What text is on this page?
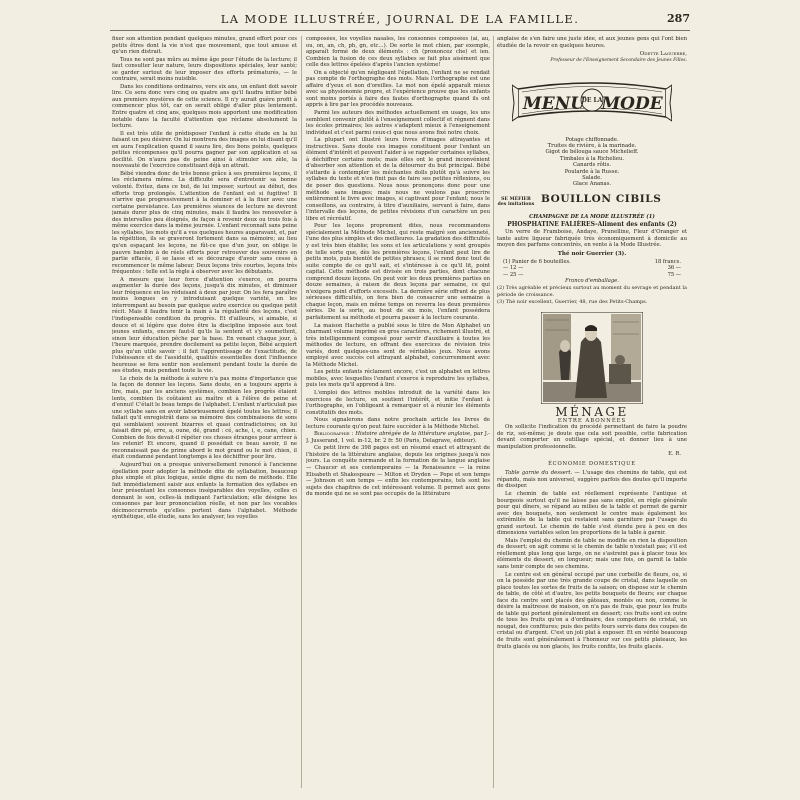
LA MODE ILLUSTRÉE, JOURNAL DE LA FAMILLE.	287

fixer son attention pendant quelques minutes, grand effort pour ces petits êtres dont la vie n'est que mouvement, que tout amuse et qu'un rien distrait.

Tous ne sont pas mûrs au même âge pour l'étude de la lecture; il faut consulter leur nature, leurs dispositions spéciales, leur santé; se garder surtout de leur imposer des efforts prématurés, — le contraire, serait moins nuisible.

Dans les conditions ordinaires, vers six ans, un enfant doit savoir lire. Ce sera donc vers cinq ou quatre ans qu'il faudra initier bébé aux premiers mystères de cette science. Il n'y aurait guère profit à commencer plus tôt, car on serait obligé d'aller plus lentement. Entre quatre et cinq ans, quelques mois apportent une modification notable dans la faculté d'attention que réclame absolument la lecture.

Il est très utile de prédisposer l'enfant à cette étude en la lui faisant un peu désirer. On lui montrera des images en lui disant qu'il en aura l'explication quand il saura lire, des bons points, quelques petites récompenses qu'il pourra gagner par son application et sa docilité. On n'aura pas de peine ainsi à stimuler son zèle, la nouveauté de l'exercice constituant déjà un attrait.

Bébé viendra donc de très bonne grâce à ses premières leçons, il les réclamera même. La difficulté sera d'entretenir sa bonne volonté. Évitez, dans ce but, de lui imposer, surtout au début, des efforts trop prolongés. L'attention de l'enfant est si fugitive! Il n'arrive que progressivement à la dominer et à la fixer avec une certaine persistance. Les premières séances de lecture ne devront jamais durer plus de cinq minutes, mais il faudra les renouveler à des intervalles peu éloignés, de façon à revenir deux ou trois fois à même exercice dans la même journée. L'enfant reconnaît sans peine les syllabes, les mots qu'il a vus quelques heures auparavant, et, par la répétition, ils se graveront fortement dans sa mémoire; au lieu qu'en espaçant les leçons, ne fût-ce que d'un jour, on oblige le pauvre bambin à de réels efforts pour retrouver des souvenirs en partie effacés, il se lasse et se décourage d'avoir sans cesse à recommencer le même labeur. Deux leçons très courtes, leçons très fréquentes : telle est la règle à observer avec les débutants.

A mesure que leur force d'attention s'exerce, on pourra augmenter la durée des leçons, jusqu'à dix minutes, et diminuer leur fréquence en les réduisant à deux par jour. On les fera paraître moins longues en y introduisant quelque variété, en les interrompant au besoin par quelque autre exercice ou quelque petit récit. Mais il faudra tenir la main à la régularité des leçons, c'est l'indispensable condition du progrès. Et d'ailleurs, si aimable, si douce et si légère que doive être la discipline imposée aux tout jeunes enfants, encore faut-il qu'ils la sentent et s'y soumettent, sinon leur éducation pêche par la base. En venant chaque jour, à l'heure marquée, prendre docilement sa petite leçon, Bébé acquiert plus qu'un utile savoir : il fait l'apprentissage de l'exactitude, de l'obéissance et de l'assiduité, qualités essentielles dont l'influence heureuse se fera sentir non seulement pendant toute la durée de ses études, mais pendant toute la vie.

Le choix de la méthode à suivre n'a pas moins d'importance que la façon de donner les leçons. Sans doute, en a toujours appris à lire, mais, par les anciens systèmes, combien les progrès étaient lents, combien ils coûtaient au maître et à l'élève de peine et d'ennui! C'était le beau temps de l'alphabet. L'enfant n'articulait pas une syllabe sans en avoir laborieusement épelé toutes les lettres; il fallait qu'il enregistrât dans sa mémoire des combinaisons de sons qui semblaient souvent bizarres et quasi contradictoires; on lui faisait dire pé, erre, a, oune, dé, grand : cé, ache, i, e, cane, chien. Combien de fois devait-il répéter ces choses étranges pour arriver à les retenir! Et encore, quand il possédait ce beau savoir, il ne reconnaissait pas de prime abord le mot grand ou le mot chien, il était condamné pendant longtemps à les déchiffrer pour lire.

Aujourd'hui on a presque universellement renoncé à l'ancienne épellation pour adopter la méthode dite de syllabation, beaucoup plus simple et plus logique, seule digne du nom de méthode. Elle fait immédiatement saisir aux enfants la formation des syllabes en leur présentant les consonnes inséparables des voyelles, celles ci donnant le son, celles-là indiquant l'articulation; elle désigne les consonnes par leur prononciation réelle, et non par les vocables décimoccurrents qu'elles portent dans l'alphabet. Méthode synthétique, elle étudie, sans les analyser, les voyelles

composées, les voyelles nasales, les consonnes composées (ai, au, ou, on, an, ch, ph, gn, etc...). De sorte le mot chien, par exemple, apparaît formé de deux éléments : ch (prononcez che) et ien. Combien la fusion de ces deux syllabes se fait plus aisément que celle des lettres épelées d'après l'ancien système!

On a objecté qu'en négligeant l'épellation, l'enfant ne se rendait pas compte de l'orthographe des mots. Mais l'orthographe est une affaire d'yeux et non d'oreilles. Le mot non épelé apparaît mieux avec sa physionomie propre, et l'expérience prouve que les enfants sont moins portés à faire des fautes d'orthographe quand ils ont appris à lire par les procédés nouveaux.

Parmi les auteurs des méthodes actuellement en usage, les uns semblent convenir plutôt à l'enseignement collectif et régnent dans les écoles primaires; les autres s'adaptent mieux à l'enseignement individuel et c'est parmi ceux-ci que nous avons fixé notre choix.

La plupart ont illustré leurs livres d'images attrayantes et instructives. Sans doute ces images constituent pour l'enfant un élément d'intérêt et peuvent l'aider à se rappeler certaines syllabes, à déchiffrer certains mots; mais elles ont le grand inconvénient d'absorber son attention et de la détourner du but principal. Bébé s'attarde à contempler les méchantes dolls plutôt qu'à suivre les syllabes du texte et n'en finit pas de faire ses petites réflexions, ou de poser des questions. Nous nous prononçons donc pour une méthode sans images; mais nous ne voulons pas proscrire entièrement le livre avec images, si captivant pour l'enfant; nous le conseillons, au contraire, à titre d'auxiliaire, servant à faire, dans l'intervalle des leçons, de petites révisions d'un caractère un peu libre et récréatif.

Pour les leçons proprement dites, nous recommandons spécialement la Méthode Michel, qui reste malgré son ancienneté, l'une des plus simples et des meilleures. La gradation des difficultés y est très bien établie; les sons et les articulations y sont groupés de telle sorte que, dès les premières leçons, l'enfant peut lire de petits mots, puis bientôt de petites phrases; il se rend donc tout de suite compte de ce qu'il sait, et s'intéresse à ce qu'il lit, point capital. Cette méthode est divisée en trois parties, dont chacune comprend douze leçons. On peut voir les deux premières parties en douze semaines, à raison de deux leçons par semaine, ce qui n'exigera point d'efforts excessifs. La dernière série offrant de plus sérieuses difficultés, on fera bien de consacrer une semaine à chaque leçon, mais en même temps on reverra les deux premières séries. De la sorte, au bout de six mois, l'enfant possédera parfaitement sa méthode et pourra passer à la lecture courante.

La maison Hachette a publié sous le titre de Mon Alphabet un charmant volume imprimé en gros caractères, richement illustré, et très intelligemment composé pour servir d'auxiliaire à toutes les méthodes de lecture, en offrant des exercices de révision très variés, dont quelques-uns sont de véritables jeux. Nous avons employé avec succès cet attrayant alphabet, concurremment avec la Méthode Michel.

Les petits enfants réclament encore, c'est un alphabet en lettres mobiles, avec lesquelles l'enfant s'exerce à reproduire les syllabes, puis les mots qu'il apprend à lire.

L'emploi des lettres mobiles introduit de la variété dans les exercices de lecture, en soutient l'intérêt, et initie l'enfant à l'orthographe, en l'obligeant à remarquer et à réunir les éléments constitutifs des mots.

Nous signalerons dans notre prochain article les livres de lecture courante qu'on peut faire succéder à la Méthode Michel.

Bibliographie : Histoire abrégée de la littérature anglaise, par J.-J. Jusserand, 1 vol. in-12, br. 2 fr. 50 (Paris, Delagrave, éditeur).

Ce petit livre de 398 pages est un résumé exact et attrayant de l'histoire de la littérature anglaise, depuis les origines jusqu'à nos jours. La conquête normande et la formation de la langue anglaise — Chaucer et ses contemporains — la Renaissance — la reine Elisabeth et Shakespeare — Milton et Dryden — Pope et son temps — Johnson et son temps — enfin les contemporains, tels sont les sujets des chapitres de cet intéressant volume. Il permet aux gens du monde qui ne se sont pas occupés de la littérature

anglaise de s'en faire une juste idée, et aux jeunes gens qui l'ont bien étudiée de la revoir en quelques heures.

Odette Laguerre,
Professeur de l'Enseignement Secondaire des Jeunes Filles.
MENU
DE LA
MODE
Potage chiffonnade.
Truites de rivière, à la marinade.
Gigot de bélouga sauce Michelieff.
Timbales à la Richelieu.
Canards rôtis.
Poularde à la Russe.
Salade.
Glace Ananas.
SE MÉFIER des imitations BOUILLON CIBILS
CHAMPAGNE DE LA MODE ILLUSTRÉE (1)
PHOSPHATINE FALIÈRES-Aliment des enfants (2)

Un verre de Framboise, Andaye, Prunelline, Fleur d'Oranger et tante autre liqueur fabriquée très économiquement à domicile au moyen des parfums concentrés, en vente à la Mode Illustrée.

Thé noir Guerrier (3).
(1) Panier de 6 bouteilles.	18 francs.
— 12 —	36 —
— 25 —	75 —
Franco d'emballage.
(2) Très agréable et précieux surtout au moment du sevrage et pendant la période de croissance.
(3) Thé noir excellent, Guerrier, 48, rue des Petits-Champs.
MÉNAGE
ENTRE ABONNÉES

On sollicite l'indication du procédé permettant de faire la poudre de riz, soi-même; je doute que cela soit possible, cette fabrication devant comporter un outillage spécial, et donner lieu à une manipulation professionnelle.

E. R.
ÉCONOMIE DOMESTIQUE

Table garnie du dessert. — L'usage des chemins de table, qui est répandu, mais non universel, suggère parfois des doutes qu'il importe de dissiper.

Le chemin de table est réellement représente l'antique et bourgeois surtout qu'il ne laisse pas sans emploi, en règle générale pour qui dîners, se répand au milieu de la table et permet de garnir avec des bouquets, non seulement le centre mais également les extrémités de la table qui restaient sans garniture par l'usage du grand surtout. Le chemin de table s'est étendu peu à peu en des dimensions variables selon les proportions de la table à garnir.

Mais l'emploi du chemin de table ne modifie en rien la disposition du dessert; on agit comme si le chemin de table n'existait pas; s'il est réellement plus long que large, on ne s'astreint pas à placer tous les éléments du dessert, en longueur; mais une fois, on garnit la table sans tenir compte de ses chemins.

Le centre est en général occupé par une corbeille de fleurs, ou, si on la possède par une très grande coupe de cristal, dans laquelle on place toutes les sortes de fruits de la saison; on dispose sur le chemin de table, de côté et d'autre, les petits bouquets de fleurs; sur chaque face du centre sont placés des gâteaux, montés ou non, comme le désire la maîtresse de maison, on n'a pas de frais, que pour les fruits de table qui portent généralement en dessert; ces fruits sont en outre de tous les fruits qu'on a d'ordinaire, des compotiers de cristal, un nougat, des confitures; puis des petits fours servis dans des coupes de cristal ou d'argent. C'est un joli plat à exposer. Et en vérité beaucoup de fruits sont généralement à l'honneur sur ces petits plateaux, les fruits glacés ou non glacés, les fruits confits, les fruits glacés.
